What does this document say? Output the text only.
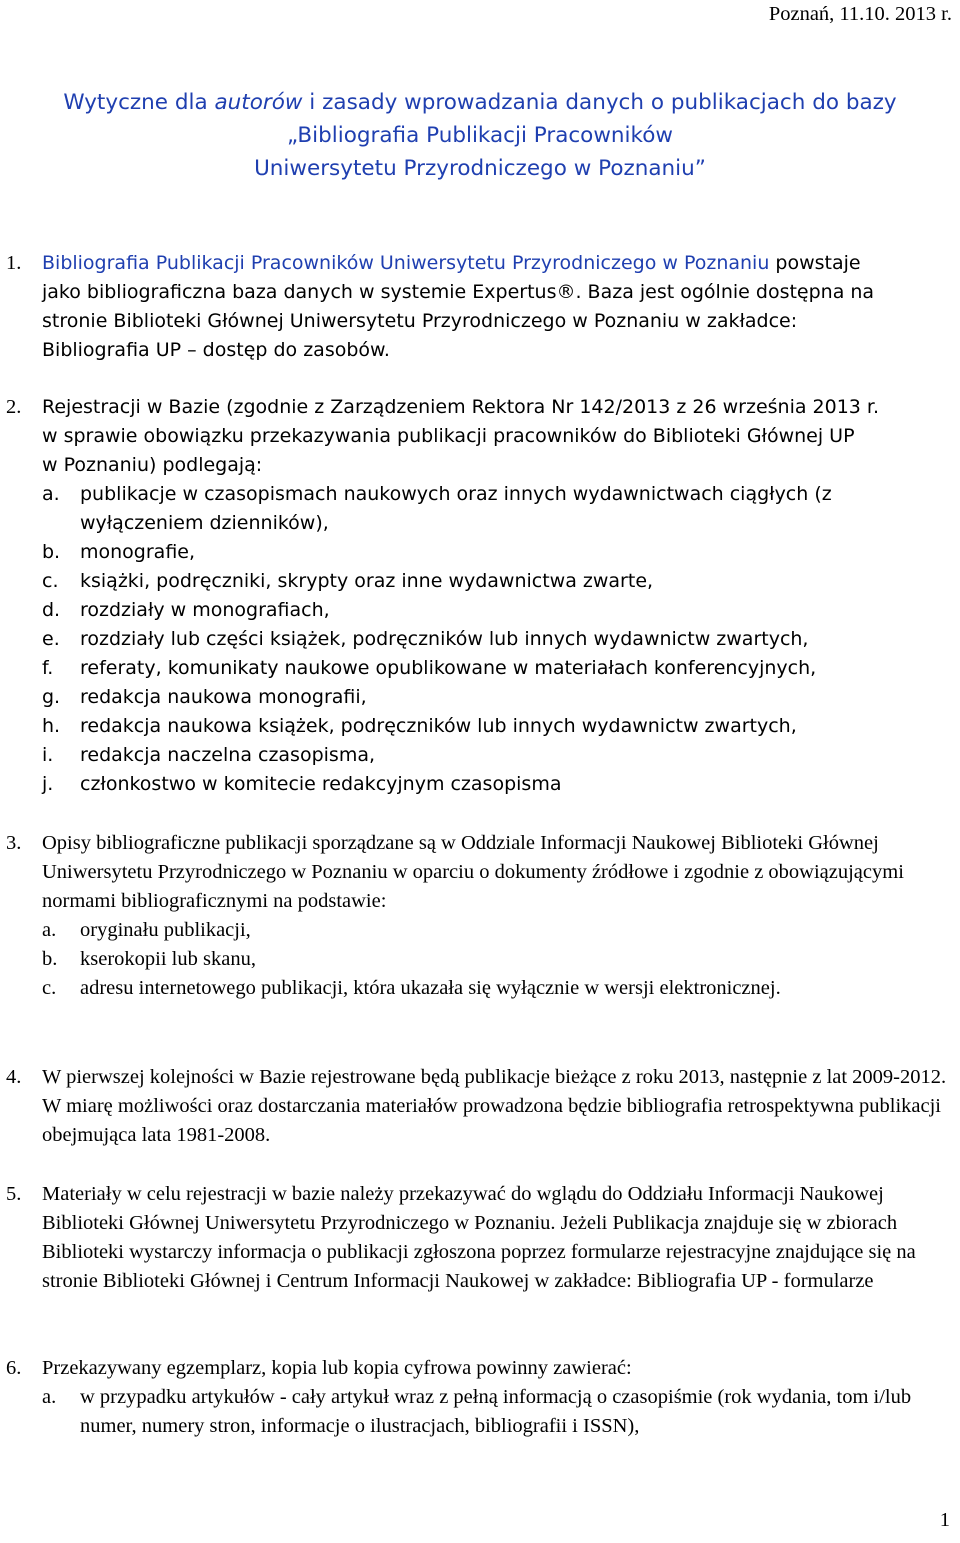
Poznań, 11.10. 2013 r.
Wytyczne dla autorów i zasady wprowadzania danych o publikacjach do bazy
„Bibliografia Publikacji Pracowników
Uniwersytetu Przyrodniczego w Poznaniu”
1. Bibliografia Publikacji Pracowników Uniwersytetu Przyrodniczego w Poznaniu powstaje
jako bibliograficzna baza danych w systemie Expertus®. Baza jest ogólnie dostępna na
stronie Biblioteki Głównej Uniwersytetu Przyrodniczego w Poznaniu w zakładce:
Bibliografia UP – dostęp do zasobów.
2. Rejestracji w Bazie (zgodnie z Zarządzeniem Rektora Nr 142/2013 z 26 września 2013 r.
w sprawie obowiązku przekazywania publikacji pracowników do Biblioteki Głównej UP
w Poznaniu) podlegają:
a. publikacje w czasopismach naukowych oraz innych wydawnictwach ciągłych (z wyłączeniem dzienników),
b. monografie,
c. książki, podręczniki, skrypty oraz inne wydawnictwa zwarte,
d. rozdziały w monografiach,
e. rozdziały lub części książek, podręczników lub innych wydawnictw zwartych,
f. referaty, komunikaty naukowe opublikowane w materiałach konferencyjnych,
g. redakcja naukowa monografii,
h. redakcja naukowa książek, podręczników lub innych wydawnictw zwartych,
i. redakcja naczelna czasopisma,
j. członkostwo w komitecie redakcyjnym czasopisma
3. Opisy bibliograficzne publikacji sporządzane są w Oddziale Informacji Naukowej Biblioteki Głównej Uniwersytetu Przyrodniczego w Poznaniu w oparciu o dokumenty źródłowe i zgodnie z obowiązującymi normami bibliograficznymi na podstawie:
a. oryginału publikacji,
b. kserokopii lub skanu,
c. adresu internetowego publikacji, która ukazała się wyłącznie w wersji elektronicznej.
4. W pierwszej kolejności w Bazie rejestrowane będą publikacje bieżące z roku 2013, następnie z lat 2009-2012. W miarę możliwości oraz dostarczania materiałów prowadzona będzie bibliografia retrospektywna publikacji obejmująca lata 1981-2008.
5. Materiały w celu rejestracji w bazie należy przekazywać do wglądu do Oddziału Informacji Naukowej Biblioteki Głównej Uniwersytetu Przyrodniczego w Poznaniu. Jeżeli Publikacja znajduje się w zbiorach Biblioteki wystarczy informacja o publikacji zgłoszona poprzez formularze rejestracyjne znajdujące się na stronie Biblioteki Głównej i Centrum Informacji Naukowej w zakładce: Bibliografia UP - formularze
6. Przekazywany egzemplarz, kopia lub kopia cyfrowa powinny zawierać:
a. w przypadku artykułów - cały artykuł wraz z pełną informacją o czasopiśmie (rok wydania, tom i/lub numer, numery stron, informacje o ilustracjach, bibliografii i ISSN),
1
